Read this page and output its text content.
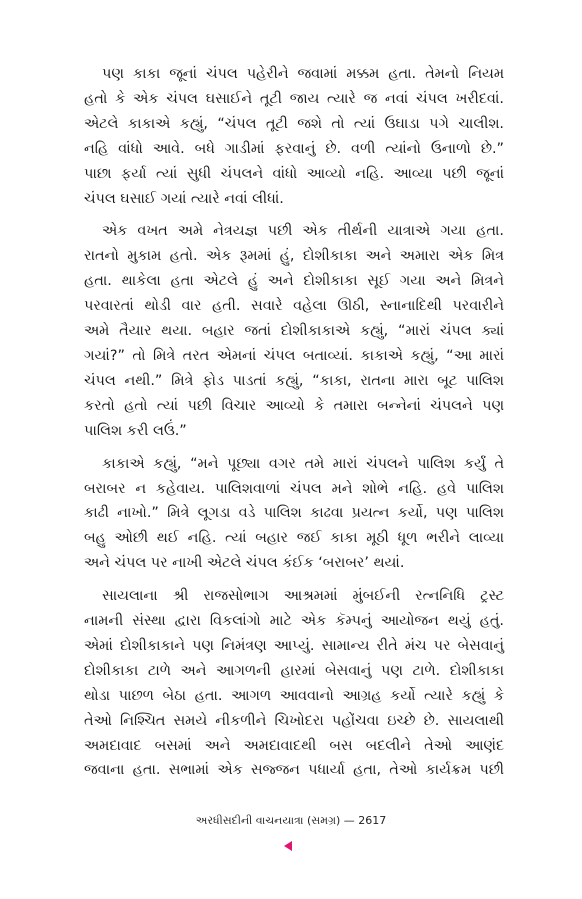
પણ કાકા જૂનાં ચંપલ પહેરીને જવામાં મક્કમ હતા. તેમનો નિયમ
હતો કે એક ચંપલ ઘસાઈને તૂટી જાય ત્યારે જ નવાં ચંપલ ખરીદવાં.
એટલે કાકાએ કહ્યું, “ચંપલ તૂટી જશે તો ત્યાં ઉઘાડા પગે ચાલીશ.
નહિ વાંધો આવે. બધે ગાડીમાં ફરવાનું છે. વળી ત્યાંનો ઉનાળો છે.”
પાછા ફર્યા ત્યાં સુધી ચંપલને વાંધો આવ્યો નહિ. આવ્યા પછી જૂનાં
ચંપલ ઘસાઈ ગયાં ત્યારે નવાં લીધાં.
એક વખત અમે નેત્રયજ્ઞ પછી એક તીર્થની યાત્રાએ ગયા હતા.
રાતનો મુકામ હતો. એક રૂમમાં હું, દોશીકાકા અને અમારા એક મિત્ર
હતા. થાકેલા હતા એટલે હું અને દોશીકાકા સૂઈ ગયા અને મિત્રને
પરવારતાં થોડી વાર હતી. સવારે વહેલા ઊઠી, સ્નાનાદિથી પરવારીને
અમે તૈયાર થયા. બહાર જતાં દોશીકાકાએ કહ્યું, “મારાં ચંપલ ક્યાં
ગયાં?” તો મિત્રે તરત એમનાં ચંપલ બતાવ્યાં. કાકાએ કહ્યું, “આ મારાં
ચંપલ નથી.” મિત્રે ફોડ પાડતાં કહ્યું, “કાકા, રાતના મારા બૂટ પાલિશ
કરતો હતો ત્યાં પછી વિચાર આવ્યો કે તમારા બન્નેનાં ચંપલને પણ
પાલિશ કરી લઉં.”
કાકાએ કહ્યું, “મને પૂછ્યા વગર તમે મારાં ચંપલને પાલિશ કર્યું તે
બરાબર ન કહેવાય. પાલિશવાળાં ચંપલ મને શોભે નહિ. હવે પાલિશ
કાઢી નાખો.” મિત્રે લૂગડા વડે પાલિશ કાઢવા પ્રયત્ન કર્યો, પણ પાલિશ
બહુ ઓછી થઈ નહિ. ત્યાં બહાર જઈ કાકા મૂઠી ધૂળ ભરીને લાવ્યા
અને ચંપલ પર નાખી એટલે ચંપલ કંઈક ‘બરાબર’ થયાં.
સાયલાના શ્રી રાજસોભાગ આશ્રમમાં મુંબઈની રત્નનિધિ ટ્રસ્ટ
નામની સંસ્થા દ્વારા વિકલાંગો માટે એક કૅમ્પનું આયોજન થયું હતું.
એમાં દોશીકાકાને પણ નિમંત્રણ આપ્યું. સામાન્ય રીતે મંચ પર બેસવાનું
દોશીકાકા ટાળે અને આગળની હારમાં બેસવાનું પણ ટાળે. દોશીકાકા
થોડા પાછળ બેઠા હતા. આગળ આવવાનો આગ્રહ કર્યો ત્યારે કહ્યું કે
તેઓ નિશ્ચિત સમયે નીકળીને ચિખોદરા પહોંચવા ઇચ્છે છે. સાયલાથી
અમદાવાદ બસમાં અને અમદાવાદથી બસ બદલીને તેઓ આણંદ
જવાના હતા. સભામાં એક સજ્જન પધાર્યા હતા, તેઓ કાર્યક્રમ પછી
અરધીસદીની વાચનયાત્રા (સમગ્ર) — 2617
